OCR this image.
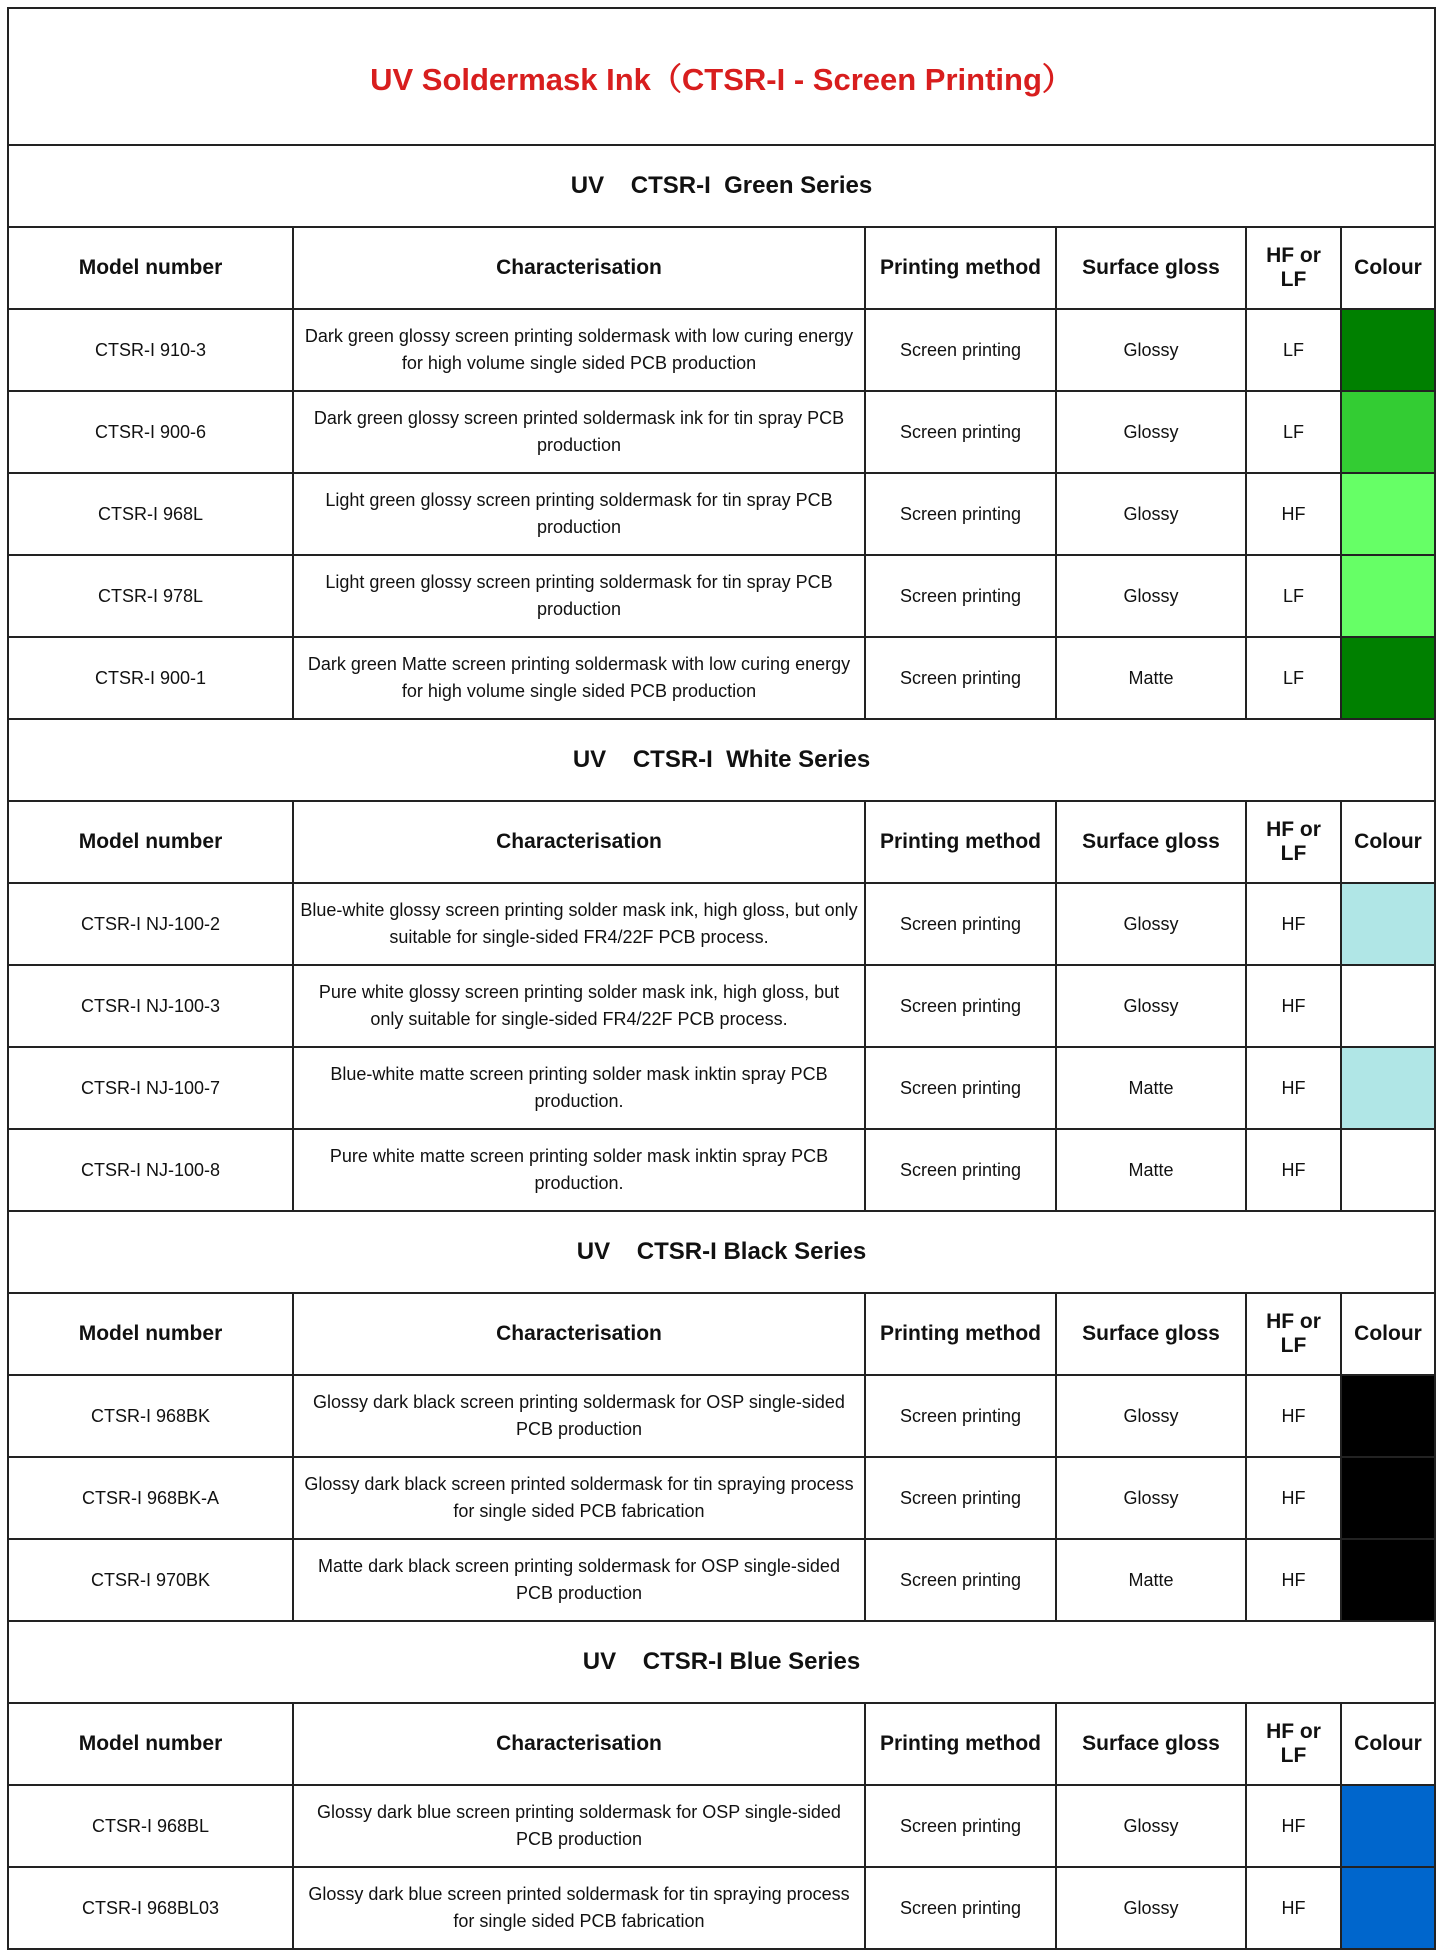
UV Soldermask Ink（CTSR-I - Screen Printing）					
UV    CTSR-I  Green Series					
Model number	Characterisation	Printing method	Surface gloss	HF or LF	Colour
CTSR-I 910-3	Dark green glossy screen printing soldermask with low curing energy for high volume single sided PCB production	Screen printing	Glossy	LF	
CTSR-I 900-6	Dark green glossy screen printed soldermask ink for tin spray PCB production	Screen printing	Glossy	LF	
CTSR-I 968L	Light green glossy screen printing soldermask for tin spray PCB production	Screen printing	Glossy	HF	
CTSR-I 978L	Light green glossy screen printing soldermask for tin spray PCB production	Screen printing	Glossy	LF	
CTSR-I 900-1	Dark green Matte screen printing soldermask with low curing energy for high volume single sided PCB production	Screen printing	Matte	LF	
UV    CTSR-I  White Series					
Model number	Characterisation	Printing method	Surface gloss	HF or LF	Colour
CTSR-I NJ-100-2	Blue-white glossy screen printing solder mask ink, high gloss, but only suitable for single-sided FR4/22F PCB process.	Screen printing	Glossy	HF	
CTSR-I NJ-100-3	Pure white glossy screen printing solder mask ink, high gloss, but only suitable for single-sided FR4/22F PCB process.	Screen printing	Glossy	HF	
CTSR-I NJ-100-7	Blue-white matte screen printing solder mask inktin spray PCB production.	Screen printing	Matte	HF	
CTSR-I NJ-100-8	Pure white matte screen printing solder mask inktin spray PCB production.	Screen printing	Matte	HF	
UV    CTSR-I Black Series					
Model number	Characterisation	Printing method	Surface gloss	HF or LF	Colour
CTSR-I 968BK	Glossy dark black screen printing soldermask for OSP single-sided PCB production	Screen printing	Glossy	HF	
CTSR-I 968BK-A	Glossy dark black screen printed soldermask for tin spraying process for single sided PCB fabrication	Screen printing	Glossy	HF	
CTSR-I 970BK	Matte dark black screen printing soldermask for OSP single-sided PCB production	Screen printing	Matte	HF	
UV    CTSR-I Blue Series					
Model number	Characterisation	Printing method	Surface gloss	HF or LF	Colour
CTSR-I 968BL	Glossy dark blue screen printing soldermask for OSP single-sided PCB production	Screen printing	Glossy	HF	
CTSR-I 968BL03	Glossy dark blue screen printed soldermask for tin spraying process for single sided PCB fabrication	Screen printing	Glossy	HF	
